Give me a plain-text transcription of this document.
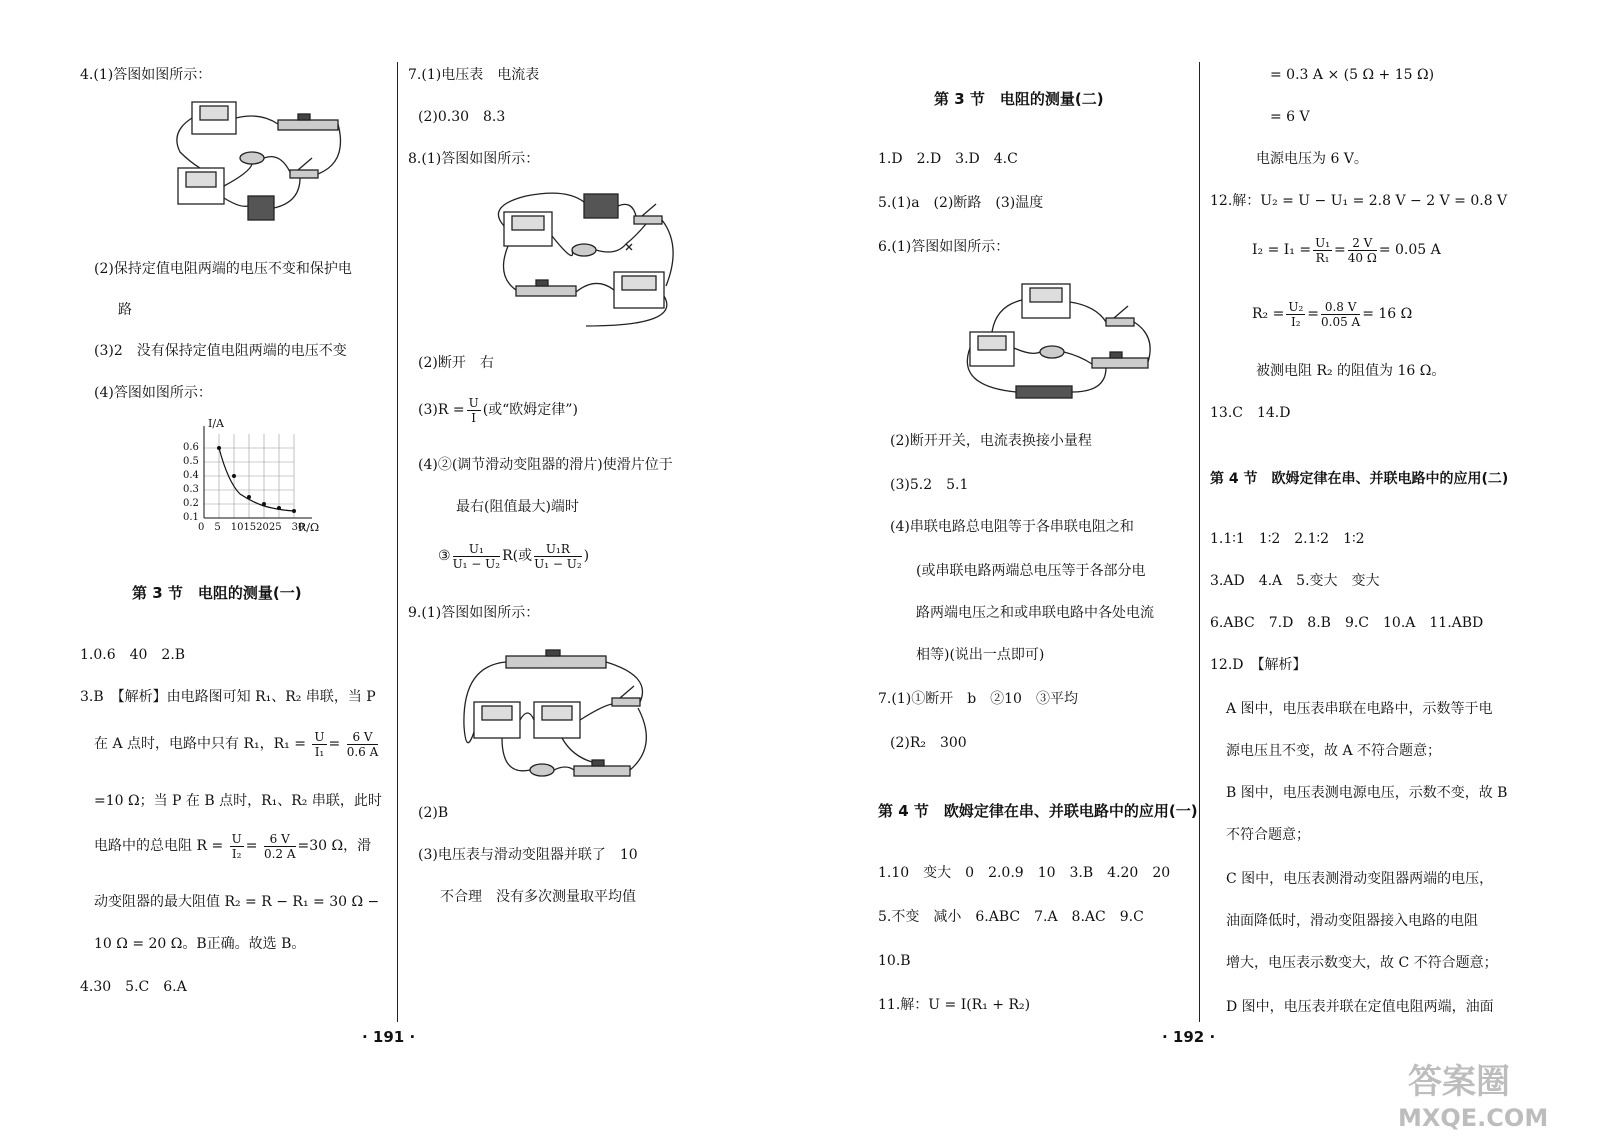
4.(1)答图如图所示：
(2)保持定值电阻两端的电压不变和保护电
路
(3)2　没有保持定值电阻两端的电压不变
(4)答图如图所示：
I/A
0.6
0.5
0.4
0.3
0.2
0.1
0　5　10152025　30
R/Ω
第 3 节　电阻的测量(一)
1.0.6　40　2.B
3.B　【解析】由电路图可知 R₁、R₂ 串联，当 P
在 A 点时，电路中只有 R₁，$R_1 = \frac{U}{\text{I₁}} = \frac{6 V}{0.6 A}$
=10 Ω；当 P 在 B 点时，R₁、R₂ 串联，此时
电路中的总电阻 $R = \frac{U}{\text{I₂}} = \frac{6 V}{0.2 A} =30$ Ω，滑
动变阻器的最大阻值 R₂ = R − R₁ = 30 Ω −
10 Ω = 20 Ω。B正确。故选 B。
4.30　5.C　6.A
7.(1)电压表　电流表
(2)0.30　8.3
8.(1)答图如图所示：
(2)断开　右
$(3)R = \frac{U}{I}$ (或“欧姆定律”)
(4)②(调节滑动变阻器的滑片)使滑片位于
最右(阻值最大)端时
③ $\frac{\text{U₁}}{\text{U₁ − U₂}} R$(或 $\frac{\text{U₁R}}{\text{U₁ − U₂}}$ )
9.(1)答图如图所示：
(2)B
(3)电压表与滑动变阻器并联了　10
不合理　没有多次测量取平均值
第 3 节　电阻的测量(二)
1.D　2.D　3.D　4.C
5.(1)a　(2)断路　(3)温度
6.(1)答图如图所示：
(2)断开开关，电流表换接小量程
(3)5.2　5.1
(4)串联电路总电阻等于各串联电阻之和
(或串联电路两端总电压等于各部分电
路两端电压之和或串联电路中各处电流
相等)(说出一点即可)
7.(1)①断开　b　②10　③平均
(2)R₂　300
第 4 节　欧姆定律在串、并联电路中的应用(一)
1.10　变大　0　2.0.9　10　3.B　4.20　20
5.不变　减小　6.ABC　7.A　8.AC　9.C
10.B
11.解：U = I(R₁ + R₂)
= 0.3 A × (5 Ω + 15 Ω)
= 6 V
电源电压为 6 V。
12.解：U₂ = U − U₁ = 2.8 V − 2 V = 0.8 V
$I_2 = I_1 = \frac{\text{U₁}}{\text{R₁}} = \frac{2 V}{40 \Omega} = 0.05$ A
$R_2 = \frac{\text{U₂}}{\text{I₂}} = \frac{0.8 V}{0.05 A} = 16$ Ω
被测电阻 R₂ 的阻值为 16 Ω。
13.C　14.D
第 4 节　欧姆定律在串、并联电路中的应用(二)
1.1∶1　1∶2　2.1∶2　1∶2
3.AD　4.A　5.变大　变大
6.ABC　7.D　8.B　9.C　10.A　11.ABD
12.D　【解析】
A 图中，电压表串联在电路中，示数等于电
源电压且不变，故 A 不符合题意；
B 图中，电压表测电源电压，示数不变，故 B
不符合题意；
C 图中，电压表测滑动变阻器两端的电压，
油面降低时，滑动变阻器接入电路的电阻
增大，电压表示数变大，故 C 不符合题意；
D 图中，电压表并联在定值电阻两端，油面
· 191 ·	· 192 ·
答案圈
MXQE.COM
